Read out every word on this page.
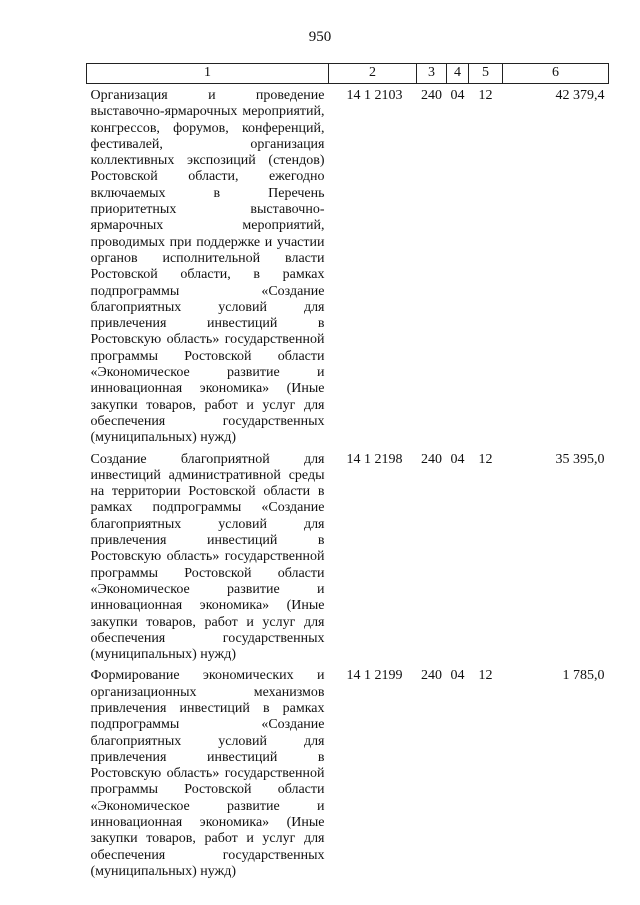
950
1	2	3	4	5	6
Организация и проведение выставочно-ярмарочных мероприятий, конгрессов, форумов, конференций, фестивалей, организация коллективных экспозиций (стендов) Ростовской области, ежегодно включаемых в Перечень приоритетных выставочно-ярмарочных мероприятий, проводимых при поддержке и участии органов исполнительной власти Ростовской области, в рамках подпрограммы «Создание благоприятных условий для привлечения инвестиций в Ростовскую область» государственной программы Ростовской области «Экономическое развитие и инновационная экономика» (Иные закупки товаров, работ и услуг для обеспечения государственных (муниципальных) нужд)	14 1 2103	240	04	12	42 379,4
Создание благоприятной для инвестиций административной среды на территории Ростовской области в рамках подпрограммы «Создание благоприятных условий для привлечения инвестиций в Ростовскую область» государственной программы Ростовской области «Экономическое развитие и инновационная экономика» (Иные закупки товаров, работ и услуг для обеспечения государственных (муниципальных) нужд)	14 1 2198	240	04	12	35 395,0
Формирование экономических и организационных механизмов привлечения инвестиций в рамках подпрограммы «Создание благоприятных условий для привлечения инвестиций в Ростовскую область» государственной программы Ростовской области «Экономическое развитие и инновационная экономика» (Иные закупки товаров, работ и услуг для обеспечения государственных (муниципальных) нужд)	14 1 2199	240	04	12	1 785,0
